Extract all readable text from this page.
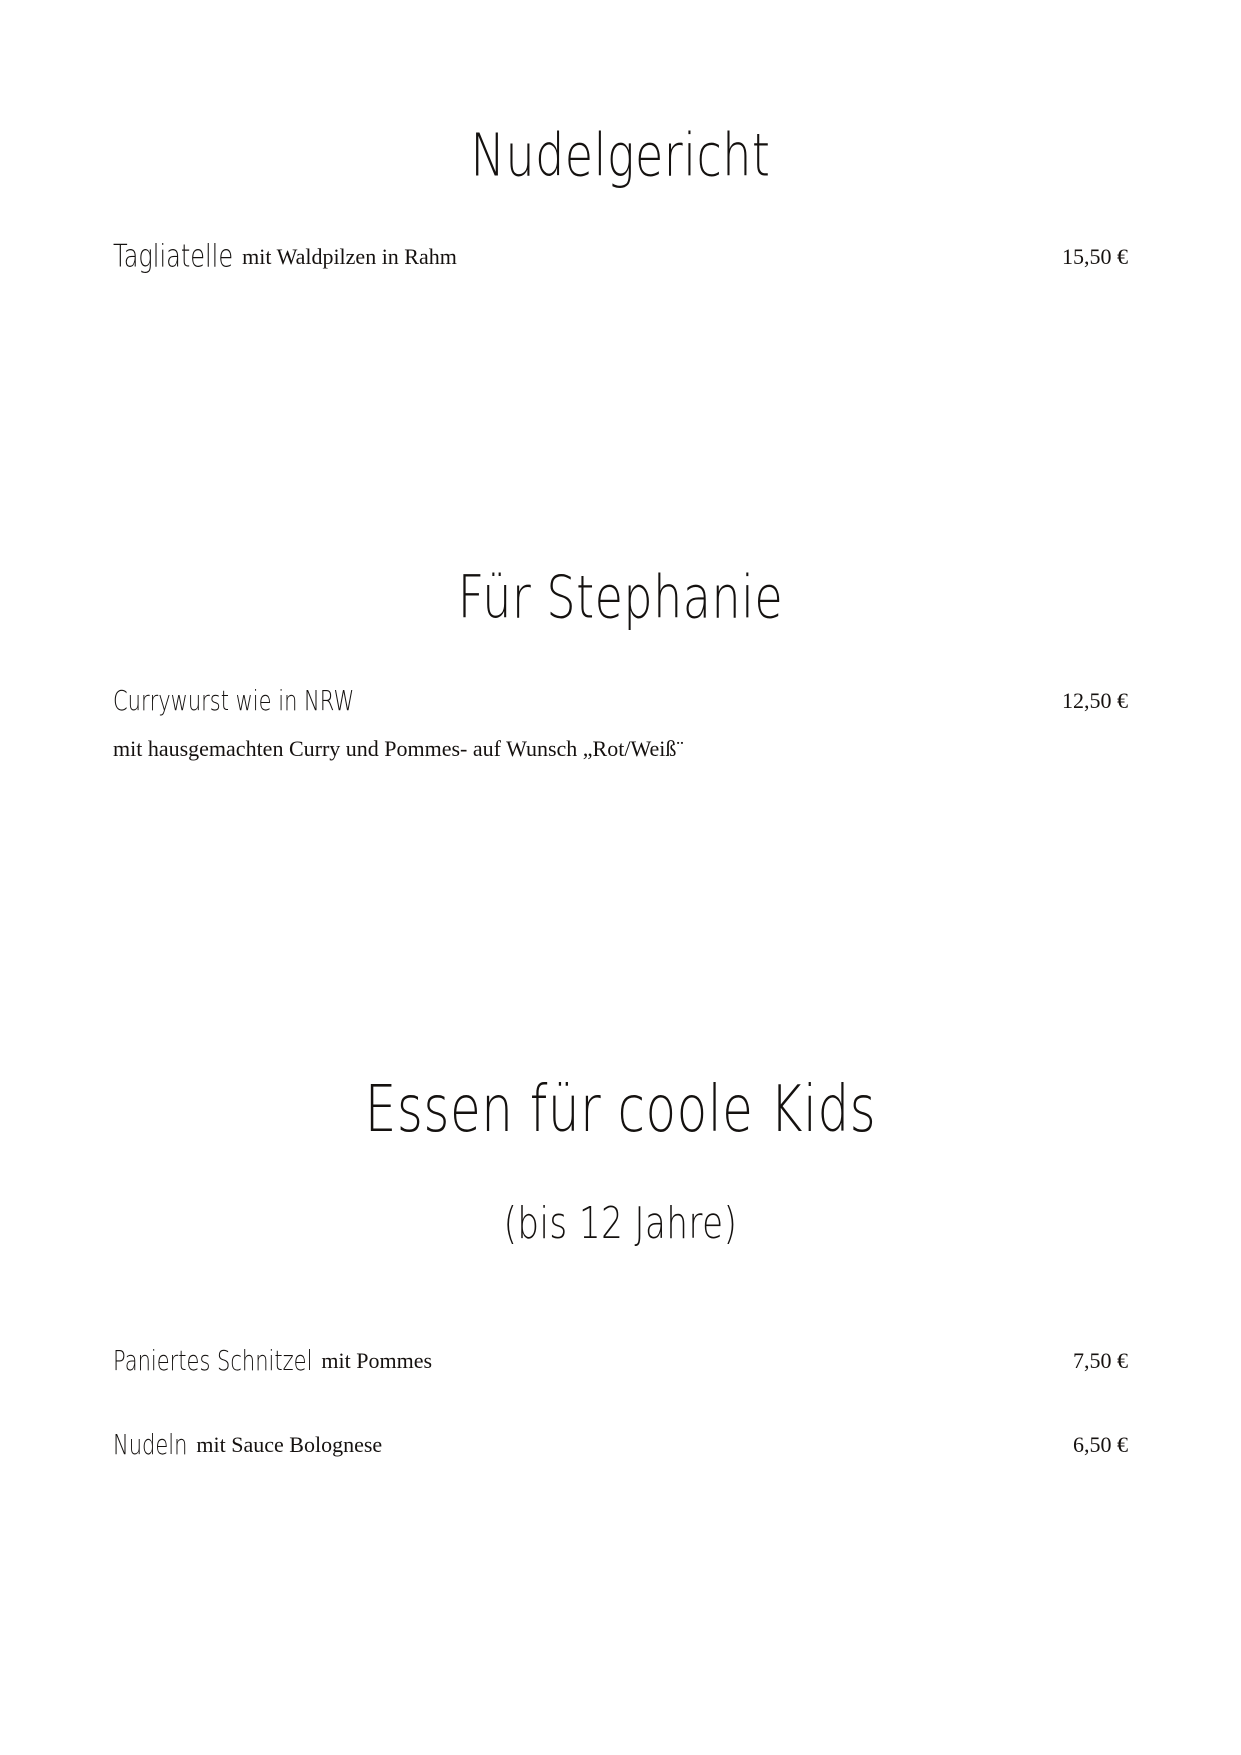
Nudelgericht
Tagliatelle mit Waldpilzen in Rahm	15,50 €
Für Stephanie
Currywurst wie in NRW	12,50 €
mit hausgemachten Curry und Pommes- auf Wunsch „Rot/Weiß¨
Essen für coole Kids
(bis 12 Jahre)
Paniertes Schnitzel mit Pommes	7,50 €
Nudeln mit Sauce Bolognese	6,50 €
